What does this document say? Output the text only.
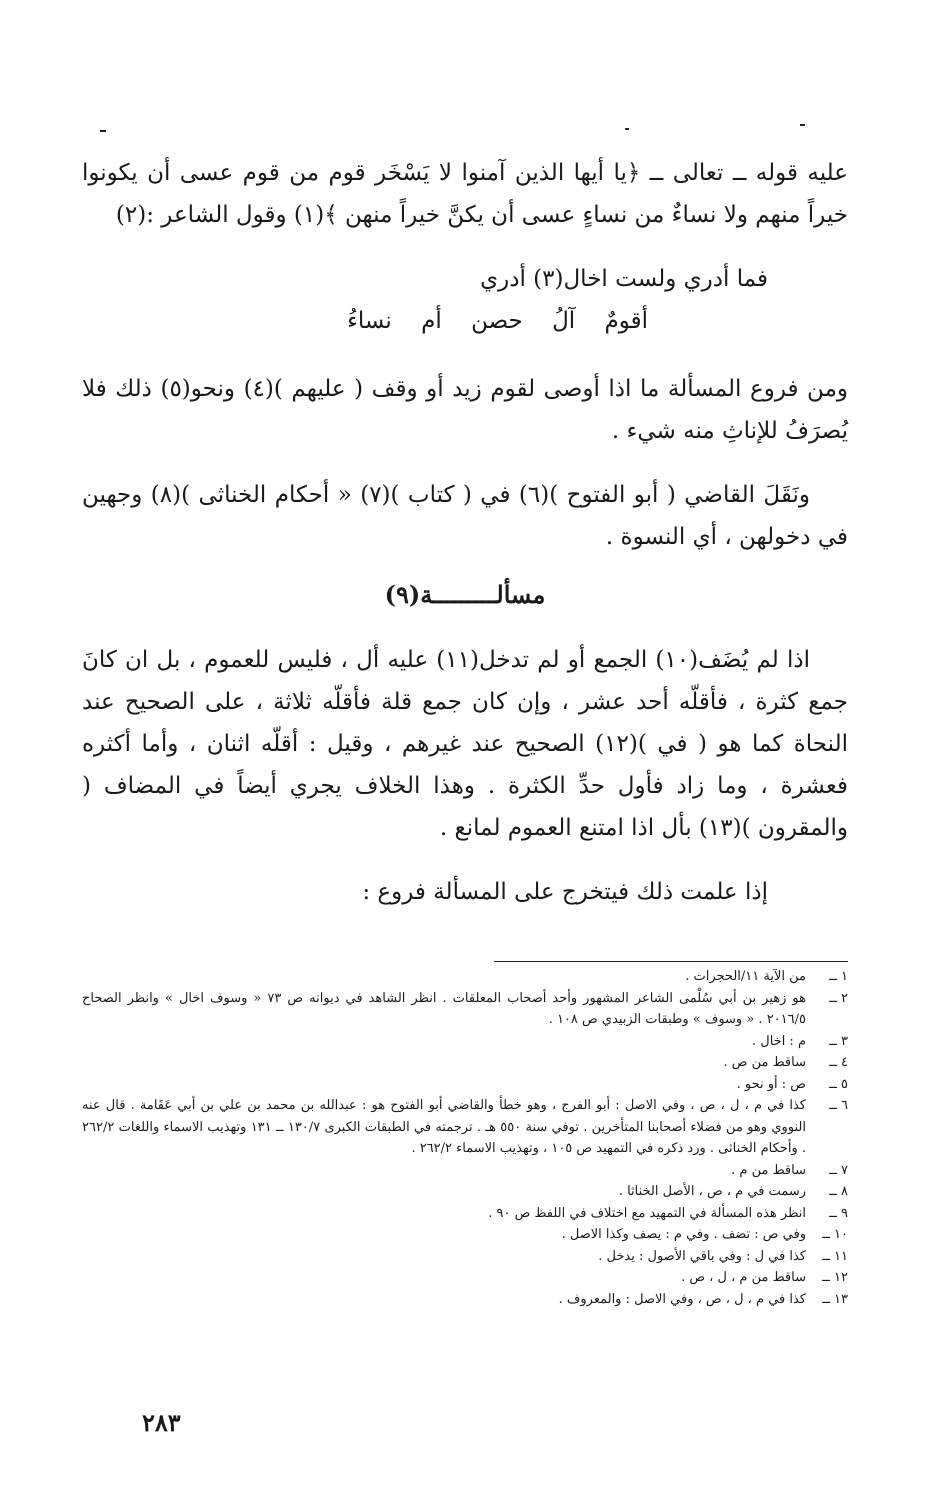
عليه قوله ــ تعالى ــ ﴿يا أيها الذين آمنوا لا يَسْخَر قوم من قوم عسى أن يكونوا خيراً منهم ولا نساءٌ من نساءٍ عسى أن يكنَّ خيراً منهن ﴾(١) وقول الشاعر :(٢)

فما أدري ولست اخال(٣) أدري

أقومٌ آلُ حصن أم نساءُ

ومن فروع المسألة ما اذا أوصى لقوم زيد أو وقف ( عليهم )(٤) ونحو(٥) ذلك فلا يُصرَفُ للإناثِ منه شيء .

ونَقَلَ القاضي ( أبو الفتوح )(٦) في ( كتاب )(٧) « أحكام الخناثى )(٨) وجهين في دخولهن ، أي النسوة .

مسألـــــــــة(٩)

اذا لم يُضَف(١٠) الجمع أو لم تدخل(١١) عليه أل ، فليس للعموم ، بل ان كانَ جمع كثرة ، فأقلّه أحد عشر ، وإن كان جمع قلة فأقلّه ثلاثة ، على الصحيح عند النحاة كما هو ( في )(١٢) الصحيح عند غيرهم ، وقيل : أقلّه اثنان ، وأما أكثره فعشرة ، وما زاد فأول حدِّ الكثرة . وهذا الخلاف يجري أيضاً في المضاف ( والمقرون )(١٣) بأل اذا امتنع العموم لمانع .

إذا علمت ذلك فيتخرج على المسألة فروع :
١ ــ
من الآية ١١/الحجرات .
٢ ــ
هو زهير بن أبي سُلْمى الشاعر المشهور وأحد أصحاب المعلقات . انظر الشاهد في ديوانه ص ٧٣ « وسوف اخال » وانظر الصحاح ٢٠١٦/٥ . « وسوف » وطبقات الزبيدي ص ١٠٨ .
٣ ــ
م : اخال .
٤ ــ
ساقط من ص .
٥ ــ
ص : أو نحو .
٦ ــ
كذا في م ، ل ، ص ، وفي الاصل : أبو الفرج ، وهو خطأ والقاضي أبو الفتوح هو : عبدالله بن محمد بن علي بن أبي عَقَامة . قال عنه النووي وهو من فضلاء أصحابنا المتأخرين . توفي سنة ٥٥٠ هـ . ترجمته في الطبقات الكبرى ١٣٠/٧ ــ ١٣١ وتهذيب الاسماء واللغات ٢٦٢/٢ . وأحكام الخناثى . ورد ذكره في التمهيد ص ١٠٥ ، وتهذيب الاسماء ٢٦٢/٢ .
٧ ــ
ساقط من م .
٨ ــ
رسمت في م ، ص ، الأصل الخناثا .
٩ ــ
انظر هذه المسألة في التمهيد مع اختلاف في اللفظ ص ٩٠ .
١٠ ــ
وفي ص : تضف . وفي م : يصف وكذا الاصل .
١١ ــ
كذا في ل : وفي باقي الأصول : يدخل .
١٢ ــ
ساقط من م ، ل ، ص .
١٣ ــ
كذا في م ، ل ، ص ، وفي الاصل : والمعروف .
٢٨٣
